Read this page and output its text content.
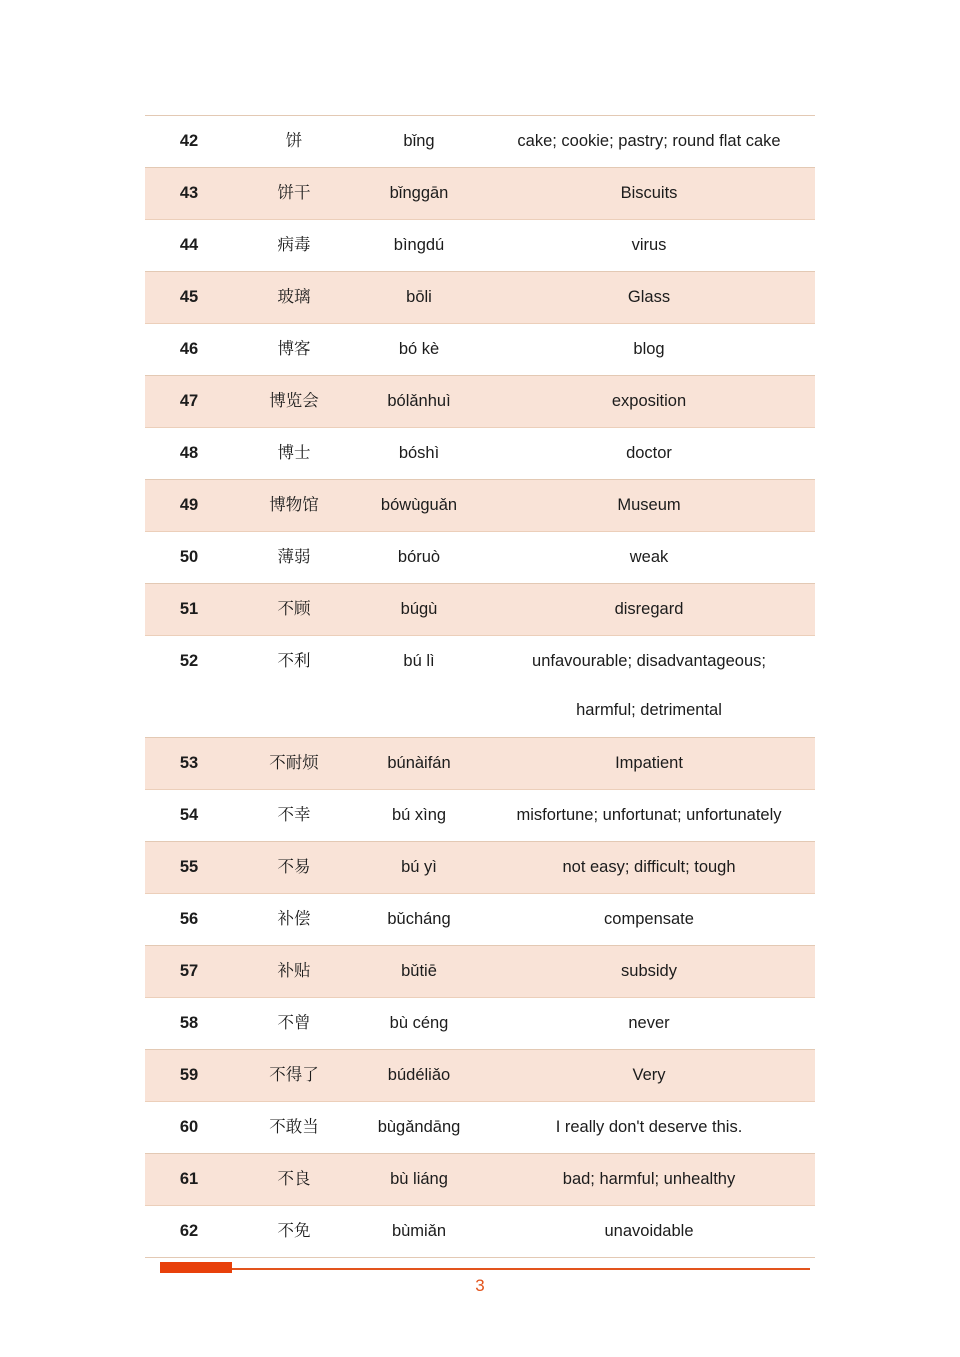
42	饼	bǐng	cake; cookie; pastry; round flat cake

43	饼干	bǐnggān	Biscuits

44	病毒	bìngdú	virus

45	玻璃	bōli	Glass

46	博客	bó kè	blog

47	博览会	bólǎnhuì	exposition

48	博士	bóshì	doctor

49	博物馆	bówùguǎn	Museum

50	薄弱	bóruò	weak

51	不顾	búgù	disregard

52	不利	bú lì	unfavourable; disadvantageous;
harmful; detrimental

53	不耐烦	búnàifán	Impatient

54	不幸	bú xìng	misfortune; unfortunat; unfortunately

55	不易	bú yì	not easy; difficult; tough

56	补偿	bǔcháng	compensate

57	补贴	bǔtiē	subsidy

58	不曾	bù céng	never

59	不得了	búdéliǎo	Very

60	不敢当	bùgǎndāng	I really don't deserve this.

61	不良	bù liáng	bad; harmful; unhealthy

62	不免	bùmiǎn	unavoidable
3
